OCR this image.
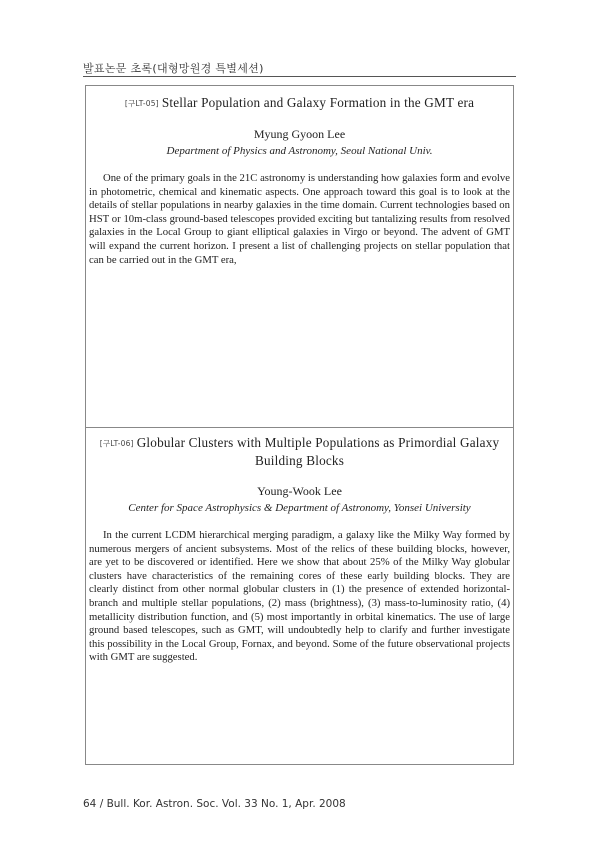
발표논문 초록(대형망원경 특별세션)
[구LT-05] Stellar Population and Galaxy Formation in the GMT era
Myung Gyoon Lee
Department of Physics and Astronomy, Seoul National Univ.
One of the primary goals in the 21C astronomy is understanding how galaxies form and evolve in photometric, chemical and kinematic aspects. One approach toward this goal is to look at the details of stellar populations in nearby galaxies in the time domain. Current technologies based on HST or 10m-class ground-based telescopes provided exciting but tantalizing results from resolved galaxies in the Local Group to giant elliptical galaxies in Virgo or beyond. The advent of GMT will expand the current horizon. I present a list of challenging projects on stellar population that can be carried out in the GMT era,
[구LT-06] Globular Clusters with Multiple Populations as Primordial Galaxy Building Blocks
Young-Wook Lee
Center for Space Astrophysics & Department of Astronomy, Yonsei University
In the current LCDM hierarchical merging paradigm, a galaxy like the Milky Way formed by numerous mergers of ancient subsystems. Most of the relics of these building blocks, however, are yet to be discovered or identified. Here we show that about 25% of the Milky Way globular clusters have characteristics of the remaining cores of these early building blocks. They are clearly distinct from other normal globular clusters in (1) the presence of extended horizontal-branch and multiple stellar populations, (2) mass (brightness), (3) mass-to-luminosity ratio, (4) metallicity distribution function, and (5) most importantly in orbital kinematics. The use of large ground based telescopes, such as GMT, will undoubtedly help to clarify and further investigate this possibility in the Local Group, Fornax, and beyond. Some of the future observational projects with GMT are suggested.
64 / Bull. Kor. Astron. Soc. Vol. 33 No. 1, Apr. 2008
